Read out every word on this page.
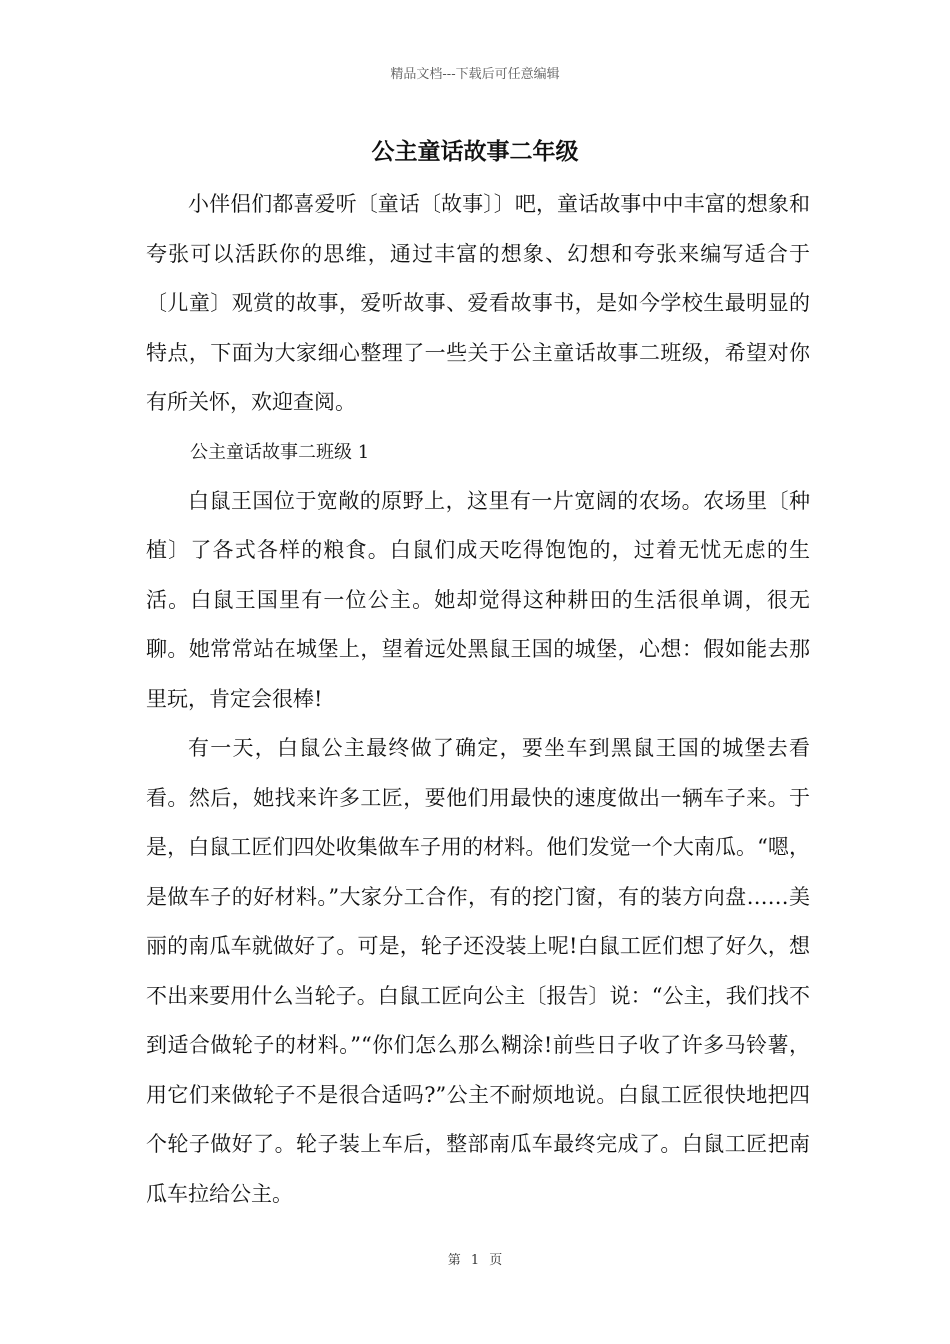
精品文档---下载后可任意编辑
公主童话故事二年级

小伴侣们都喜爱听〔童话〔故事〕〕吧，童话故事中中丰富的想象和夸张可以活跃你的思维，通过丰富的想象、幻想和夸张来编写适合于〔儿童〕观赏的故事，爱听故事、爱看故事书，是如今学校生最明显的特点，下面为大家细心整理了一些关于公主童话故事二班级，希望对你有所关怀，欢迎查阅。

公主童话故事二班级 1

白鼠王国位于宽敞的原野上，这里有一片宽阔的农场。农场里〔种植〕了各式各样的粮食。白鼠们成天吃得饱饱的，过着无忧无虑的生活。白鼠王国里有一位公主。她却觉得这种耕田的生活很单调，很无聊。她常常站在城堡上，望着远处黑鼠王国的城堡，心想：假如能去那里玩，肯定会很棒!

有一天，白鼠公主最终做了确定，要坐车到黑鼠王国的城堡去看看。然后，她找来许多工匠，要他们用最快的速度做出一辆车子来。于是，白鼠工匠们四处收集做车子用的材料。他们发觉一个大南瓜。“嗯，是做车子的好材料。”大家分工合作，有的挖门窗，有的装方向盘……美丽的南瓜车就做好了。可是，轮子还没装上呢!白鼠工匠们想了好久，想不出来要用什么当轮子。白鼠工匠向公主〔报告〕说：“公主，我们找不到适合做轮子的材料。”“你们怎么那么糊涂!前些日子收了许多马铃薯，用它们来做轮子不是很合适吗?”公主不耐烦地说。白鼠工匠很快地把四个轮子做好了。轮子装上车后，整部南瓜车最终完成了。白鼠工匠把南瓜车拉给公主。

第 1 页
